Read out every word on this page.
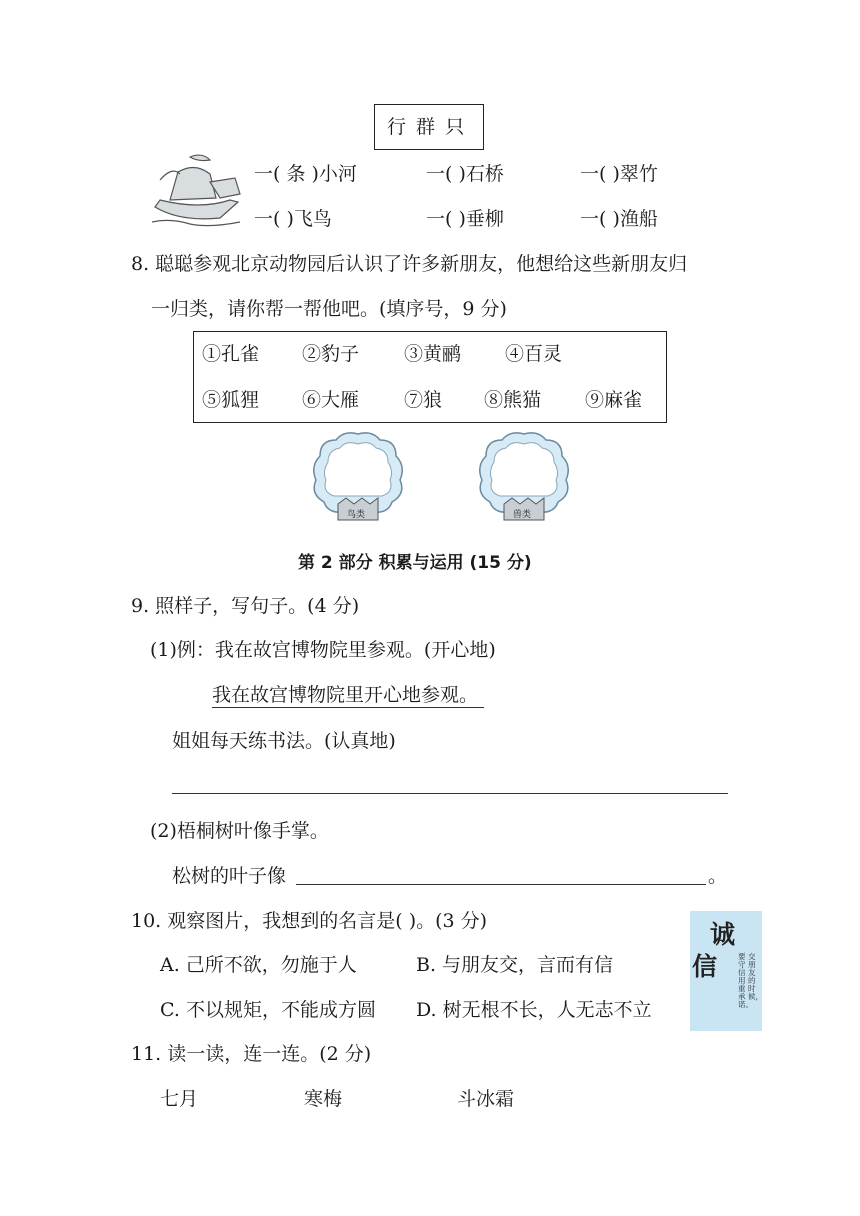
行 群 只
一( 条 )小河	一( )石桥	一( )翠竹
一( )飞鸟	一( )垂柳	一( )渔船
8. 聪聪参观北京动物园后认识了许多新朋友，他想给这些新朋友归
一归类，请你帮一帮他吧。(填序号，9 分)
①孔雀 ②豹子 ③黄鹂 ④百灵
⑤狐狸 ⑥大雁 ⑦狼 ⑧熊猫 ⑨麻雀
鸟类	兽类
第 2 部分 积累与运用 (15 分)
9. 照样子，写句子。(4 分)
(1)例：我在故宫博物院里参观。(开心地)
我在故宫博物院里开心地参观。
姐姐每天练书法。(认真地)
(2)梧桐树叶像手掌。
松树的叶子像	。
10. 观察图片，我想到的名言是( )。(3 分)
A. 己所不欲，勿施于人	B. 与朋友交，言而有信
C. 不以规矩，不能成方圆 D. 树无根不长，人无志不立
诚
信	交朋友的时候，
要守信用重承诺。
11. 读一读，连一连。(2 分)
七月	寒梅	斗冰霜
